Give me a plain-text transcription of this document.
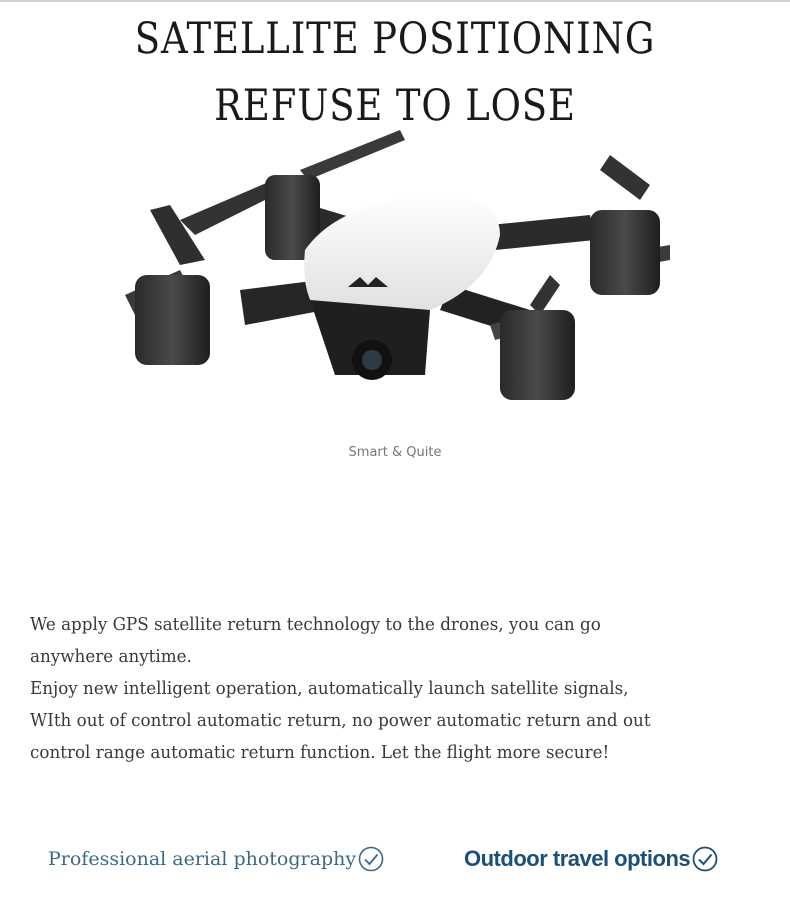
SATELLITE POSITIONING
REFUSE TO LOSE
Smart & Quite

We apply GPS satellite return technology to the drones, you can go

anywhere anytime.

Enjoy new intelligent operation, automatically launch satellite signals,

WIth out of control automatic return, no power automatic return and out

control range automatic return function. Let the flight more secure!

Professional aerial photography	Outdoor travel options
